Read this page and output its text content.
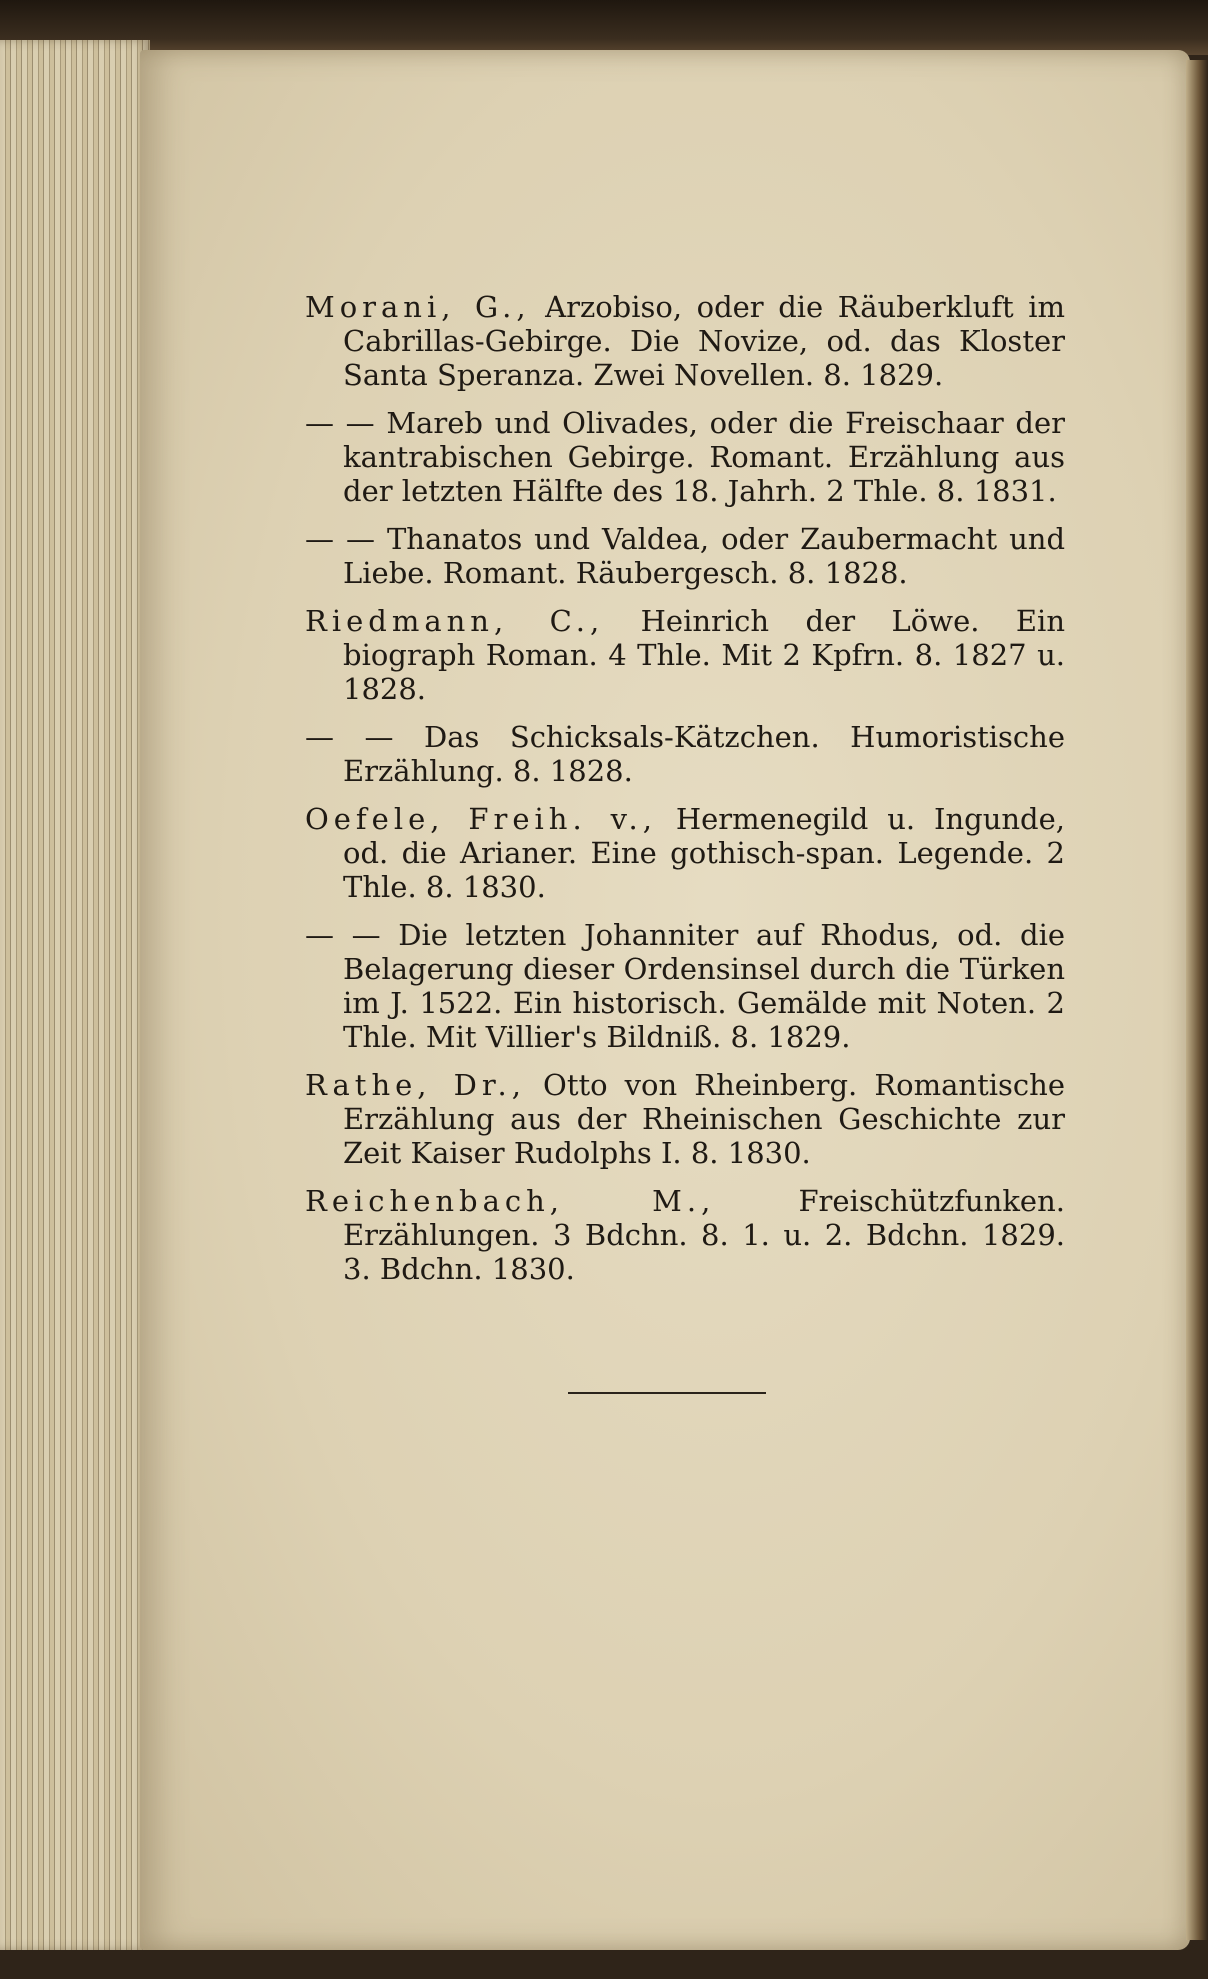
Morani, G., Arzobiso, oder die Räuberkluft im Cabrillas-Gebirge. Die Novize, od. das Kloster Santa Speranza. Zwei Novellen. 8. 1829.

— — Mareb und Olivades, oder die Freischaar der kantrabischen Gebirge. Romant. Erzählung aus der letzten Hälfte des 18. Jahrh. 2 Thle. 8. 1831.

— — Thanatos und Valdea, oder Zaubermacht und Liebe. Romant. Räubergesch. 8. 1828.

Riedmann, C., Heinrich der Löwe. Ein biograph Roman. 4 Thle. Mit 2 Kpfrn. 8. 1827 u. 1828.

— — Das Schicksals-Kätzchen. Humoristische Erzählung. 8. 1828.

Oefele, Freih. v., Hermenegild u. Ingunde, od. die Arianer. Eine gothisch-span. Legende. 2 Thle. 8. 1830.

— — Die letzten Johanniter auf Rhodus, od. die Belagerung dieser Ordensinsel durch die Türken im J. 1522. Ein historisch. Gemälde mit Noten. 2 Thle. Mit Villier's Bildniß. 8. 1829.

Rathe, Dr., Otto von Rheinberg. Romantische Erzählung aus der Rheinischen Geschichte zur Zeit Kaiser Rudolphs I. 8. 1830.

Reichenbach, M.,	Freischützfunken. Erzählungen. 3 Bdchn. 8. 1. u. 2. Bdchn. 1829. 3. Bdchn. 1830.
